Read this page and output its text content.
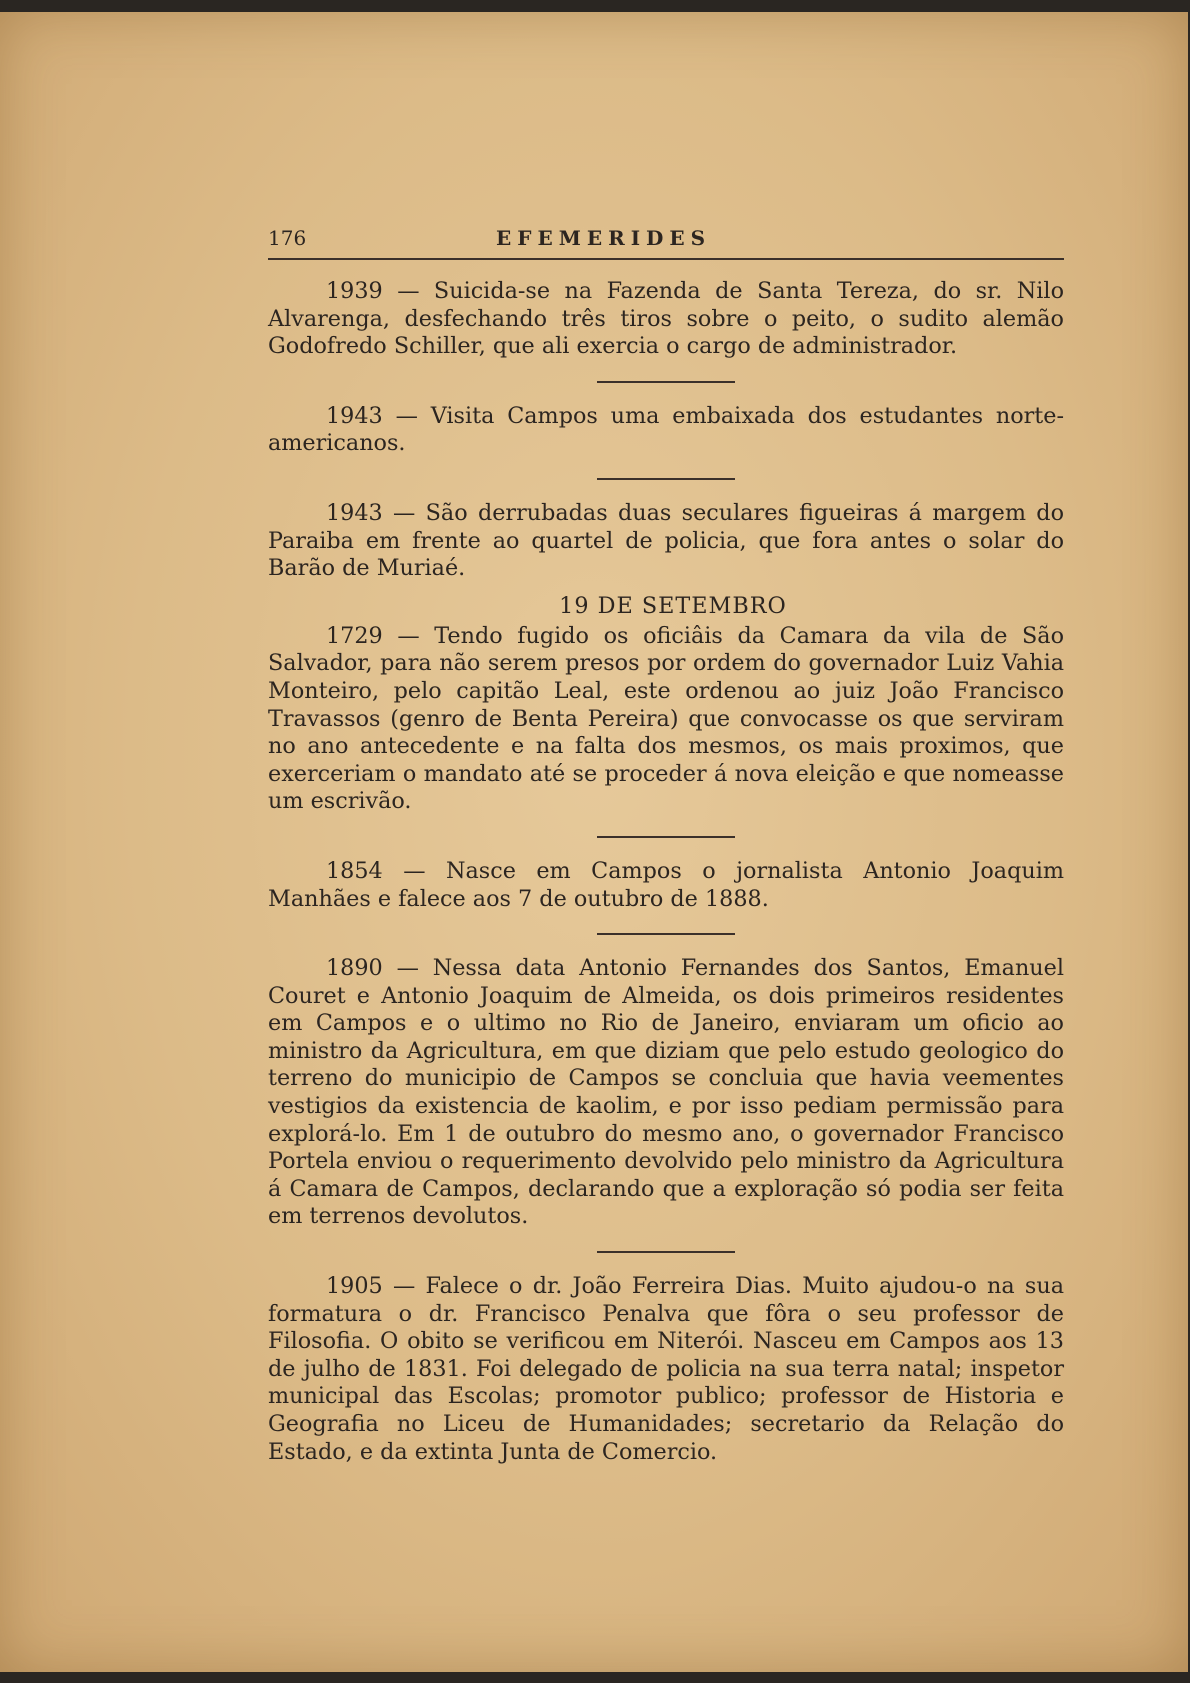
176	EFEMERIDES

1939 — Suicida-se na Fazenda de Santa Tereza, do sr. Nilo Alvarenga, desfechando três tiros sobre o peito, o sudito alemão Godofredo Schiller, que ali exercia o cargo de administrador.

1943 — Visita Campos uma embaixada dos estudantes norte-americanos.

1943 — São derrubadas duas seculares figueiras á margem do Paraiba em frente ao quartel de policia, que fora antes o solar do Barão de Muriaé.

19 DE SETEMBRO

1729 — Tendo fugido os oficiâis da Camara da vila de São Salvador, para não serem presos por ordem do governador Luiz Vahia Monteiro, pelo capitão Leal, este ordenou ao juiz João Francisco Travassos (genro de Benta Pereira) que convocasse os que serviram no ano antecedente e na falta dos mesmos, os mais proximos, que exerceriam o mandato até se proceder á nova eleição e que nomeasse um escrivão.

1854 — Nasce em Campos o jornalista Antonio Joaquim Manhães e falece aos 7 de outubro de 1888.

1890 — Nessa data Antonio Fernandes dos Santos, Emanuel Couret e Antonio Joaquim de Almeida, os dois primeiros residentes em Campos e o ultimo no Rio de Janeiro, enviaram um oficio ao ministro da Agricultura, em que diziam que pelo estudo geologico do terreno do municipio de Campos se concluia que havia veementes vestigios da existencia de kaolim, e por isso pediam permissão para explorá-lo. Em 1 de outubro do mesmo ano, o governador Francisco Portela enviou o requerimento devolvido pelo ministro da Agricultura á Camara de Campos, declarando que a exploração só podia ser feita em terrenos devolutos.

1905 — Falece o dr. João Ferreira Dias. Muito ajudou-o na sua formatura o dr. Francisco Penalva que fôra o seu professor de Filosofia. O obito se verificou em Niterói. Nasceu em Campos aos 13 de julho de 1831. Foi delegado de policia na sua terra natal; inspetor municipal das Escolas; promotor publico; professor de Historia e Geografia no Liceu de Humanidades; secretario da Relação do Estado, e da extinta Junta de Comercio.
